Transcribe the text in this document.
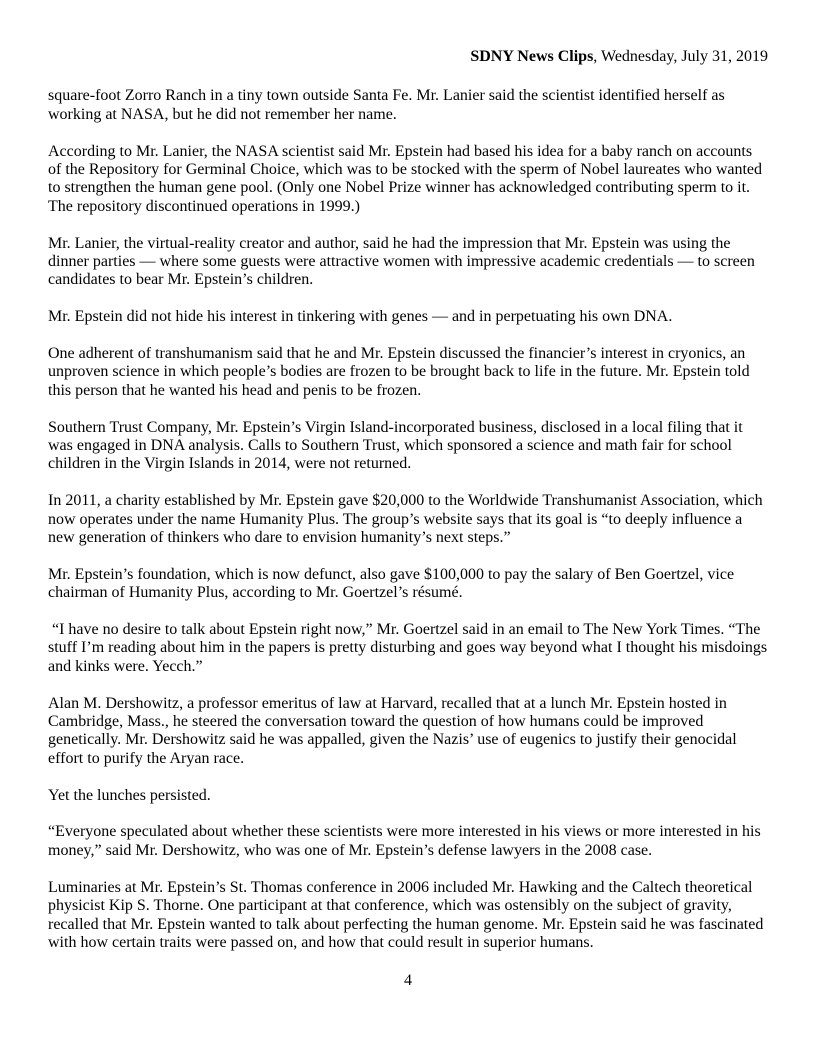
SDNY News Clips, Wednesday, July 31, 2019

square-foot Zorro Ranch in a tiny town outside Santa Fe. Mr. Lanier said the scientist identified herself as working at NASA, but he did not remember her name.

According to Mr. Lanier, the NASA scientist said Mr. Epstein had based his idea for a baby ranch on accounts of the Repository for Germinal Choice, which was to be stocked with the sperm of Nobel laureates who wanted to strengthen the human gene pool. (Only one Nobel Prize winner has acknowledged contributing sperm to it. The repository discontinued operations in 1999.)

Mr. Lanier, the virtual-reality creator and author, said he had the impression that Mr. Epstein was using the dinner parties — where some guests were attractive women with impressive academic credentials — to screen candidates to bear Mr. Epstein’s children.

Mr. Epstein did not hide his interest in tinkering with genes — and in perpetuating his own DNA.

One adherent of transhumanism said that he and Mr. Epstein discussed the financier’s interest in cryonics, an unproven science in which people’s bodies are frozen to be brought back to life in the future. Mr. Epstein told this person that he wanted his head and penis to be frozen.

Southern Trust Company, Mr. Epstein’s Virgin Island-incorporated business, disclosed in a local filing that it was engaged in DNA analysis. Calls to Southern Trust, which sponsored a science and math fair for school children in the Virgin Islands in 2014, were not returned.

In 2011, a charity established by Mr. Epstein gave $20,000 to the Worldwide Transhumanist Association, which now operates under the name Humanity Plus. The group’s website says that its goal is “to deeply influence a new generation of thinkers who dare to envision humanity’s next steps.”

Mr. Epstein’s foundation, which is now defunct, also gave $100,000 to pay the salary of Ben Goertzel, vice chairman of Humanity Plus, according to Mr. Goertzel’s résumé.

“I have no desire to talk about Epstein right now,” Mr. Goertzel said in an email to The New York Times. “The stuff I’m reading about him in the papers is pretty disturbing and goes way beyond what I thought his misdoings and kinks were. Yecch.”

Alan M. Dershowitz, a professor emeritus of law at Harvard, recalled that at a lunch Mr. Epstein hosted in Cambridge, Mass., he steered the conversation toward the question of how humans could be improved genetically. Mr. Dershowitz said he was appalled, given the Nazis’ use of eugenics to justify their genocidal effort to purify the Aryan race.

Yet the lunches persisted.

“Everyone speculated about whether these scientists were more interested in his views or more interested in his money,” said Mr. Dershowitz, who was one of Mr. Epstein’s defense lawyers in the 2008 case.

Luminaries at Mr. Epstein’s St. Thomas conference in 2006 included Mr. Hawking and the Caltech theoretical physicist Kip S. Thorne. One participant at that conference, which was ostensibly on the subject of gravity, recalled that Mr. Epstein wanted to talk about perfecting the human genome. Mr. Epstein said he was fascinated with how certain traits were passed on, and how that could result in superior humans.

4
